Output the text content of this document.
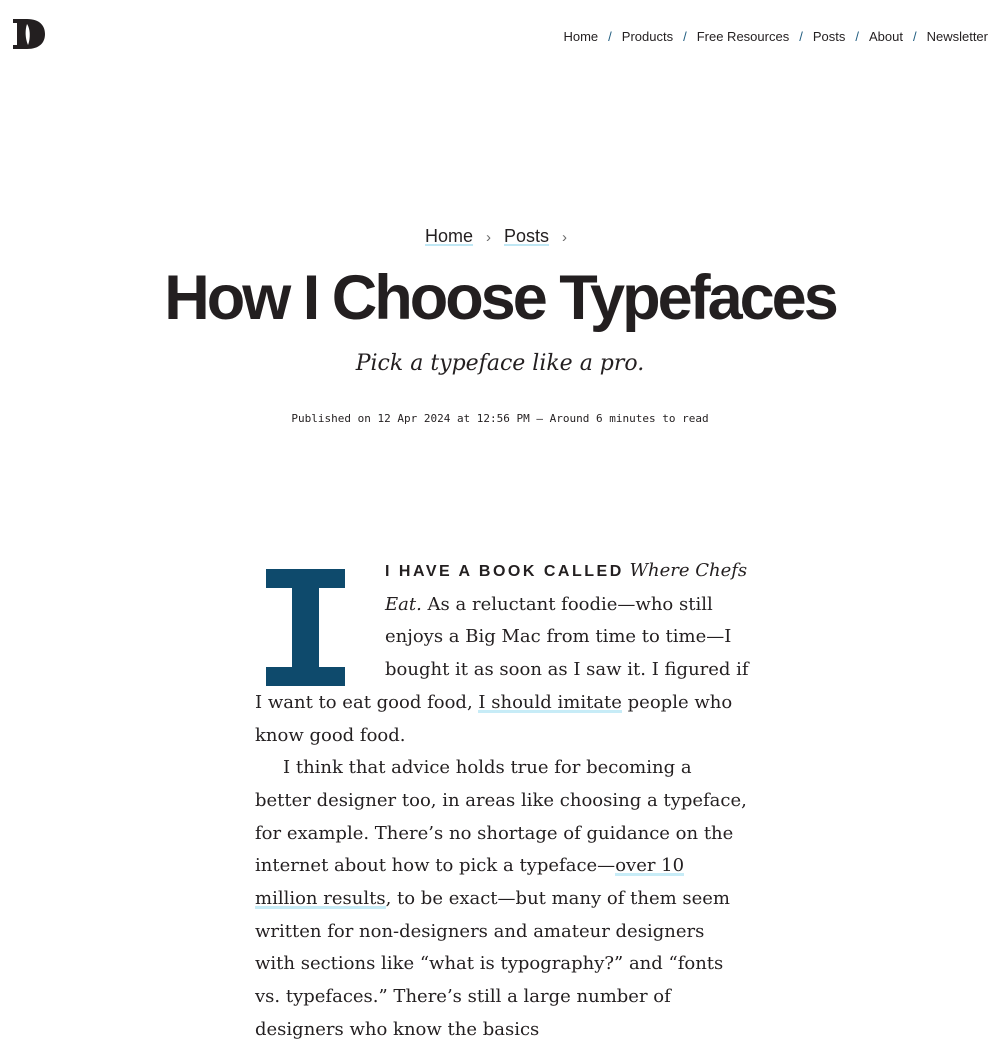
Home / Products / Free Resources / Posts / About / Newsletter
Home › Posts ›
How I Choose Typefaces
Pick a typeface like a pro.
Published on 12 Apr 2024 at 12:56 PM — Around 6 minutes to read

I HAVE A BOOK CALLED Where Chefs Eat. As a reluctant foodie—who still enjoys a Big Mac from time to time—I bought it as soon as I saw it. I figured if I want to eat good food, I should imitate people who know good food.

I think that advice holds true for becoming a better designer too, in areas like choosing a typeface, for example. There’s no shortage of guidance on the internet about how to pick a typeface—over 10 million results, to be exact—but many of them seem written for non-designers and amateur designers with sections like “what is typography?” and “fonts vs. typefaces.” There’s still a large number of designers who know the basics
